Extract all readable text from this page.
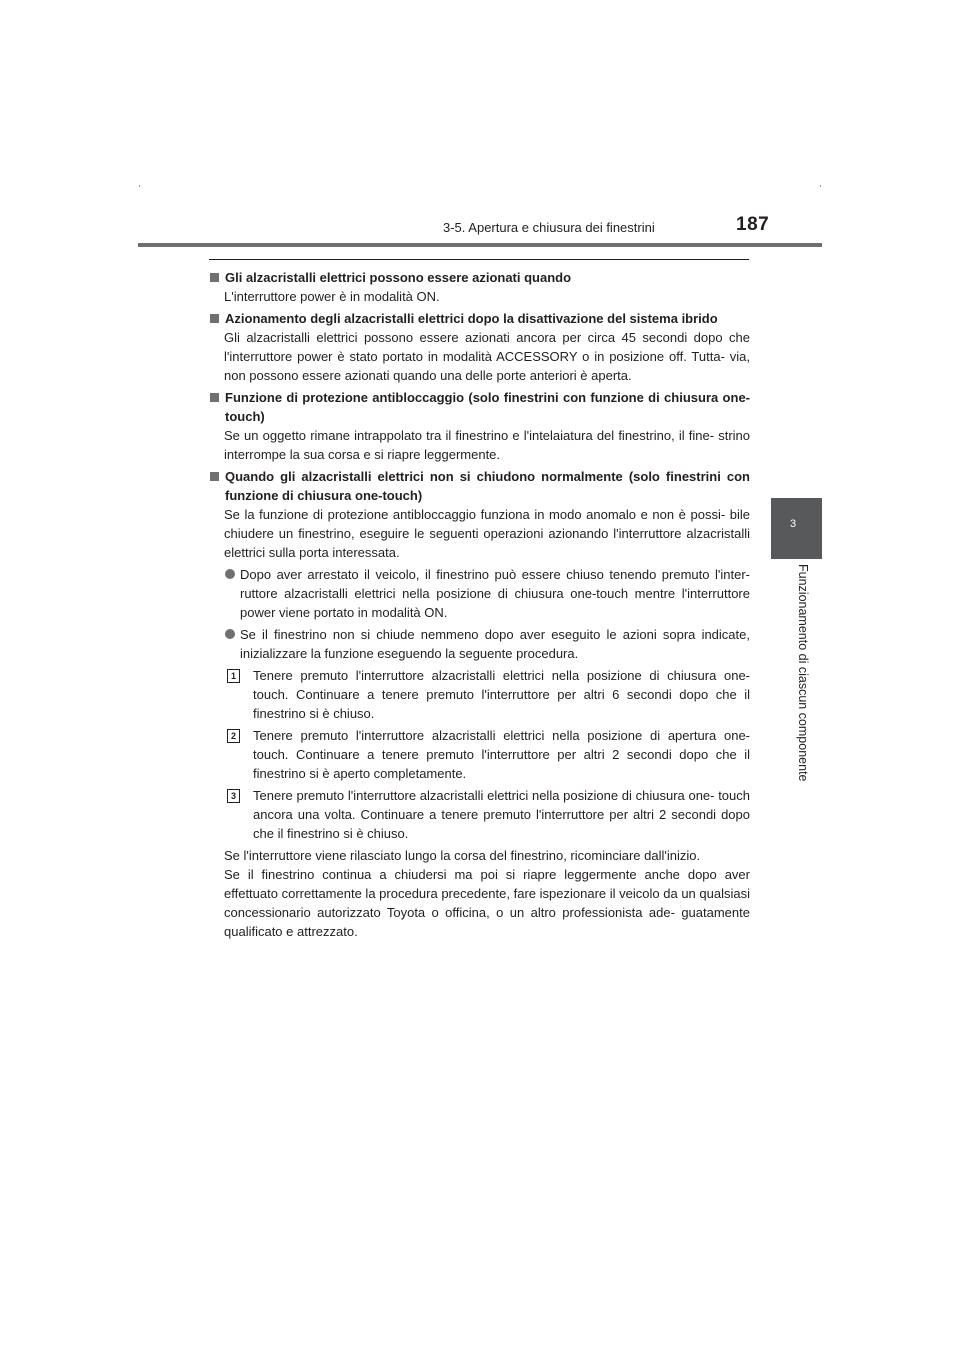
3-5. Apertura e chiusura dei finestrini	187
3
Funzionamento di ciascun componente
Gli alzacristalli elettrici possono essere azionati quando
L'interruttore power è in modalità ON.
Azionamento degli alzacristalli elettrici dopo la disattivazione del sistema ibrido
Gli alzacristalli elettrici possono essere azionati ancora per circa 45 secondi dopo che l'interruttore power è stato portato in modalità ACCESSORY o in posizione off. Tutta- via, non possono essere azionati quando una delle porte anteriori è aperta.
Funzione di protezione antibloccaggio (solo finestrini con funzione di chiusura one-touch)
Se un oggetto rimane intrappolato tra il finestrino e l'intelaiatura del finestrino, il fine- strino interrompe la sua corsa e si riapre leggermente.
Quando gli alzacristalli elettrici non si chiudono normalmente (solo finestrini con funzione di chiusura one-touch)
Se la funzione di protezione antibloccaggio funziona in modo anomalo e non è possi- bile chiudere un finestrino, eseguire le seguenti operazioni azionando l'interruttore alzacristalli elettrici sulla porta interessata.
Dopo aver arrestato il veicolo, il finestrino può essere chiuso tenendo premuto l'inter- ruttore alzacristalli elettrici nella posizione di chiusura one-touch mentre l'interruttore power viene portato in modalità ON.
Se il finestrino non si chiude nemmeno dopo aver eseguito le azioni sopra indicate, inizializzare la funzione eseguendo la seguente procedura.
1	Tenere premuto l'interruttore alzacristalli elettrici nella posizione di chiusura one- touch. Continuare a tenere premuto l'interruttore per altri 6 secondi dopo che il finestrino si è chiuso.
2	Tenere premuto l'interruttore alzacristalli elettrici nella posizione di apertura one- touch. Continuare a tenere premuto l'interruttore per altri 2 secondi dopo che il finestrino si è aperto completamente.
3	Tenere premuto l'interruttore alzacristalli elettrici nella posizione di chiusura one- touch ancora una volta. Continuare a tenere premuto l'interruttore per altri 2 secondi dopo che il finestrino si è chiuso.
Se l'interruttore viene rilasciato lungo la corsa del finestrino, ricominciare dall'inizio.
Se il finestrino continua a chiudersi ma poi si riapre leggermente anche dopo aver effettuato correttamente la procedura precedente, fare ispezionare il veicolo da un qualsiasi concessionario autorizzato Toyota o officina, o un altro professionista ade- guatamente qualificato e attrezzato.
